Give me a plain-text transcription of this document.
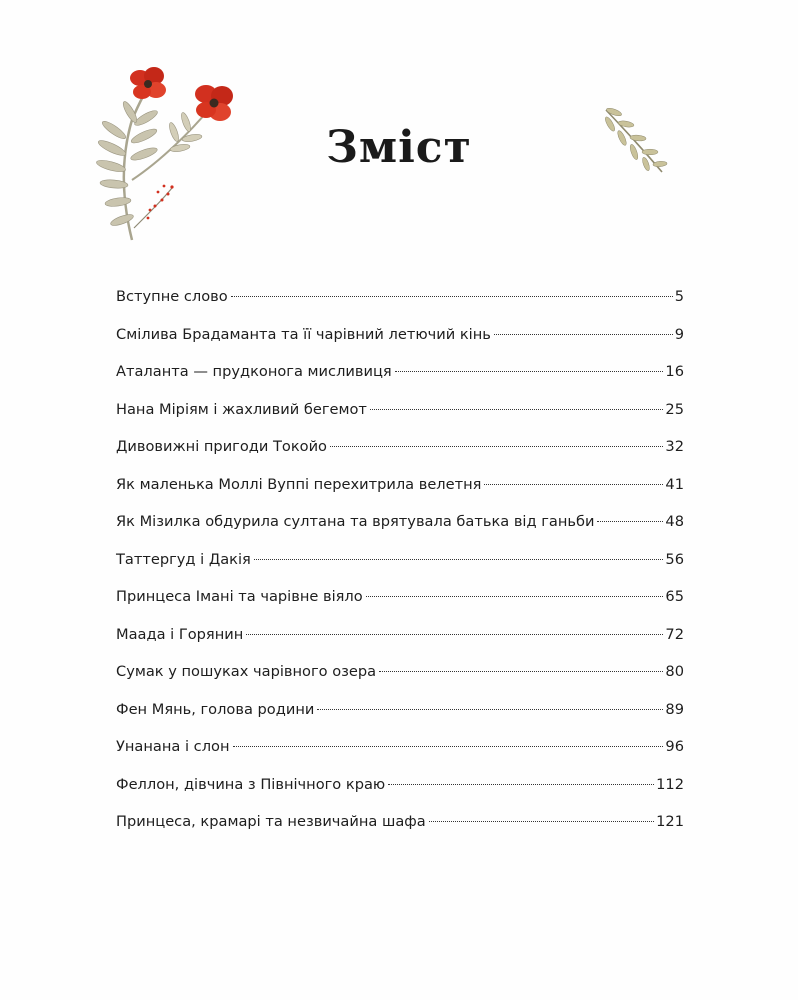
Зміст
Вступне слово	5
Смілива Брадаманта та її чарівний летючий кінь	9
Аталанта — прудконога мисливиця	16
Нана Міріям і жахливий бегемот	25
Дивовижні пригоди Токойо	32
Як маленька Моллі Вуппі перехитрила велетня	41
Як Мізилка обдурила султана та врятувала батька від ганьби	48
Таттергуд і Дакія	56
Принцеса Імані та чарівне віяло	65
Маада і Горянин	72
Сумак у пошуках чарівного озера	80
Фен Мянь, голова родини	89
Унанана і слон	96
Феллон, дівчина з Північного краю	112
Принцеса, крамарі та незвичайна шафа	121
